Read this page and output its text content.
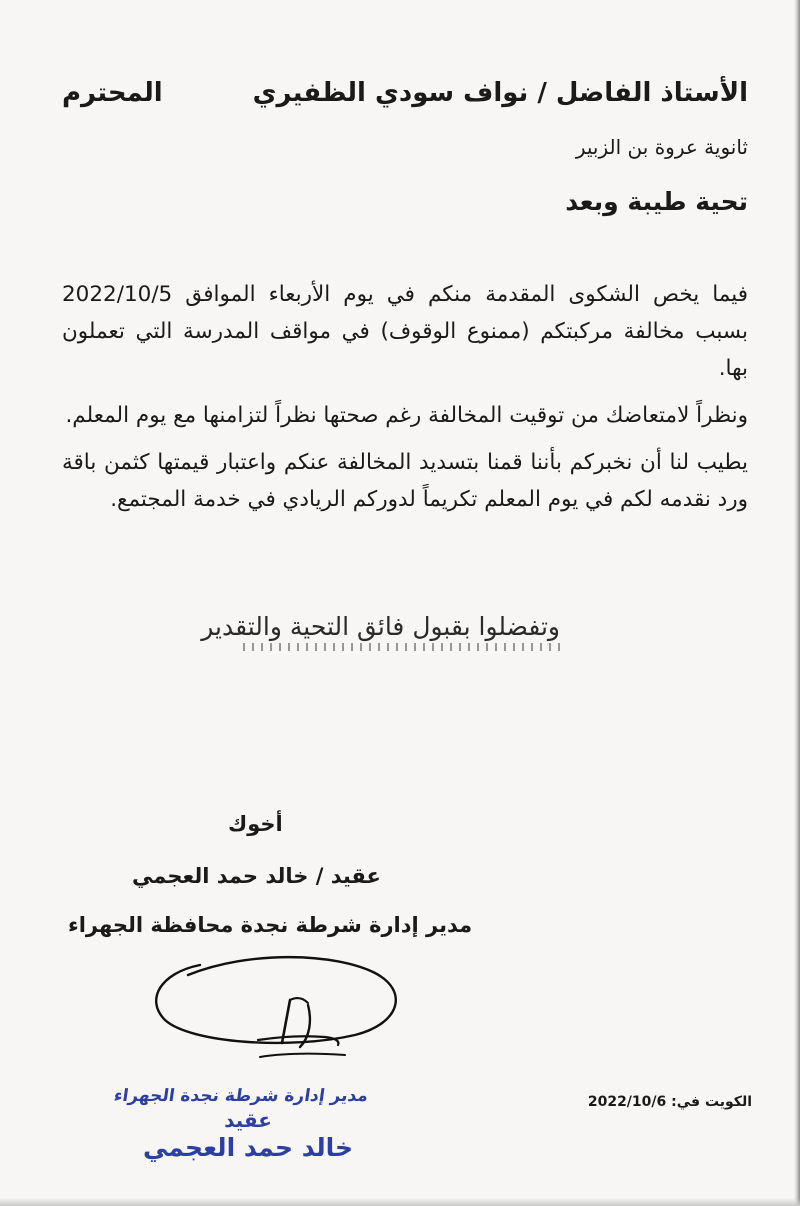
الأستاذ الفاضل / نواف سودي الظفيري
المحترم
ثانوية عروة بن الزبير
تحية طيبة وبعد

فيما يخص الشكوى المقدمة منكم في يوم الأربعاء الموافق 2022/10/5 بسبب مخالفة مركبتكم (ممنوع الوقوف) في مواقف المدرسة التي تعملون بها.

ونظراً لامتعاضك من توقيت المخالفة رغم صحتها نظراً لتزامنها مع يوم المعلم.

يطيب لنا أن نخبركم بأننا قمنا بتسديد المخالفة عنكم واعتبار قيمتها كثمن باقة ورد نقدمه لكم في يوم المعلم تكريماً لدوركم الريادي في خدمة المجتمع.

وتفضلوا بقبول فائق التحية والتقدير
أخوك
عقيد / خالد حمد العجمي
مدير إدارة شرطة نجدة محافظة الجهراء
مدير إدارة شرطة نجدة الجهراء
عقيد
خالد حمد العجمي
الكويت في: 2022/10/6
